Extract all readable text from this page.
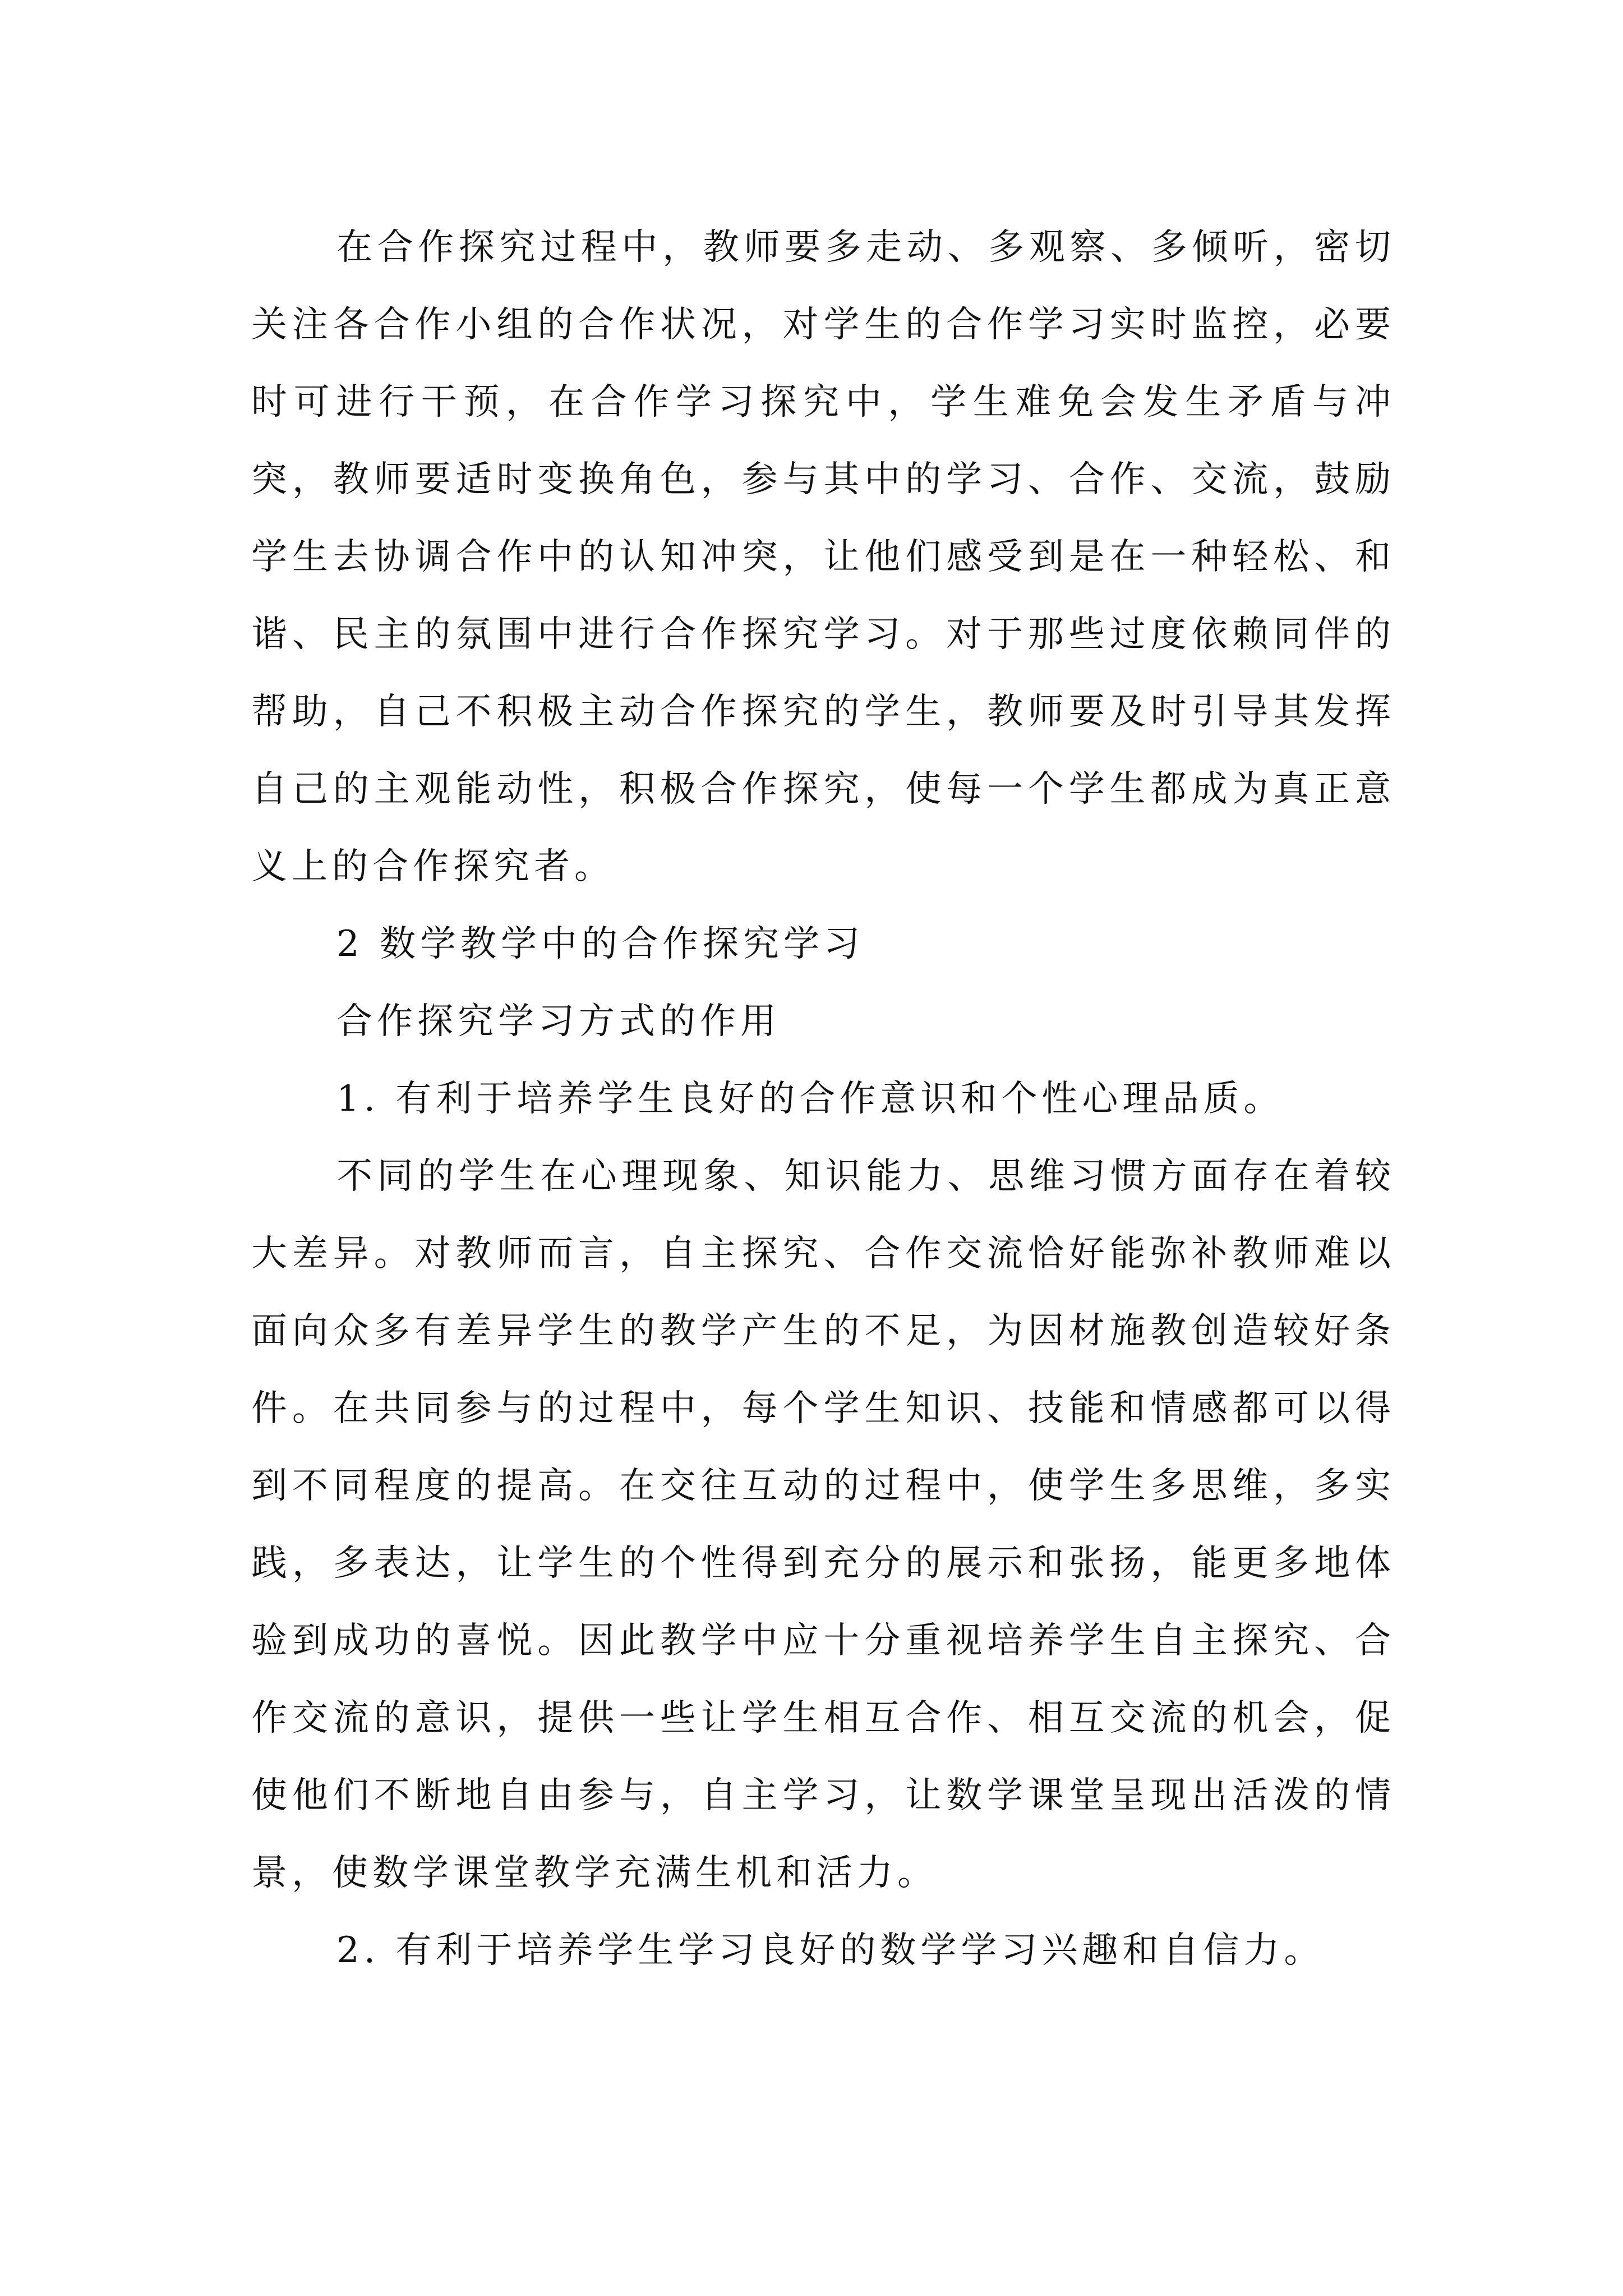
在合作探究过程中，教师要多走动、多观察、多倾听，密切关注各合作小组的合作状况，对学生的合作学习实时监控，必要时可进行干预，在合作学习探究中，学生难免会发生矛盾与冲突，教师要适时变换角色，参与其中的学习、合作、交流，鼓励学生去协调合作中的认知冲突，让他们感受到是在一种轻松、和谐、民主的氛围中进行合作探究学习。对于那些过度依赖同伴的帮助，自己不积极主动合作探究的学生，教师要及时引导其发挥自己的主观能动性，积极合作探究，使每一个学生都成为真正意义上的合作探究者。

2 数学教学中的合作探究学习

合作探究学习方式的作用

1. 有利于培养学生良好的合作意识和个性心理品质。

不同的学生在心理现象、知识能力、思维习惯方面存在着较大差异。对教师而言，自主探究、合作交流恰好能弥补教师难以面向众多有差异学生的教学产生的不足，为因材施教创造较好条件。在共同参与的过程中，每个学生知识、技能和情感都可以得到不同程度的提高。在交往互动的过程中，使学生多思维，多实践，多表达，让学生的个性得到充分的展示和张扬，能更多地体验到成功的喜悦。因此教学中应十分重视培养学生自主探究、合作交流的意识，提供一些让学生相互合作、相互交流的机会，促使他们不断地自由参与，自主学习，让数学课堂呈现出活泼的情景，使数学课堂教学充满生机和活力。

2. 有利于培养学生学习良好的数学学习兴趣和自信力。
